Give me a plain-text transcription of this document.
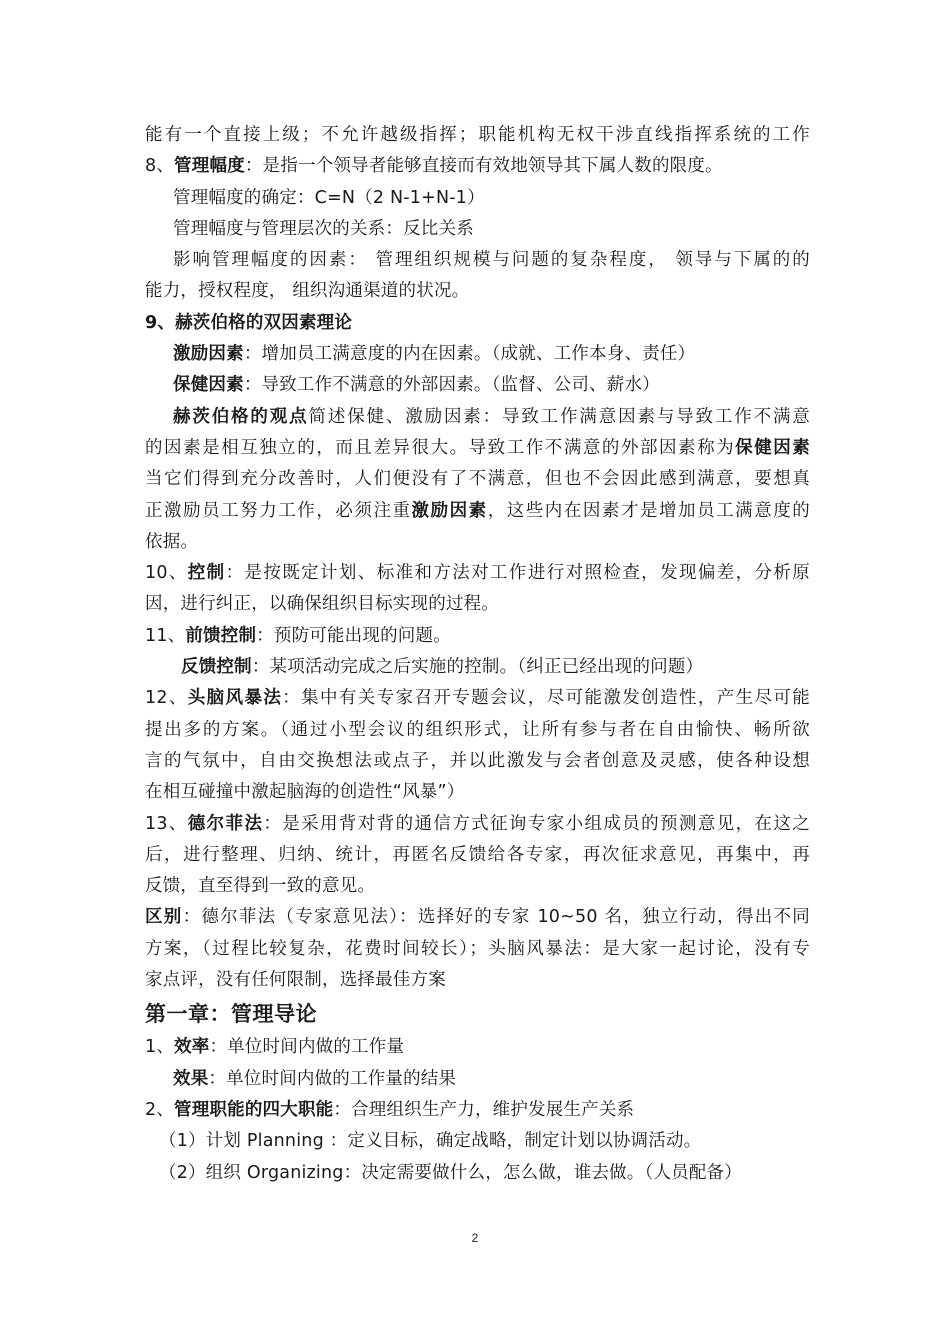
能有一个直接上级；不允许越级指挥；职能机构无权干涉直线指挥系统的工作
8、管理幅度：是指一个领导者能够直接而有效地领导其下属人数的限度。
管理幅度的确定：C=N（2 N-1+N-1）
管理幅度与管理层次的关系：反比关系
影响管理幅度的因素： 管理组织规模与问题的复杂程度， 领导与下属的的
能力，授权程度， 组织沟通渠道的状况。
9、赫茨伯格的双因素理论
激励因素：增加员工满意度的内在因素。（成就、工作本身、责任）
保健因素：导致工作不满意的外部因素。（监督、公司、薪水）
赫茨伯格的观点简述保健、激励因素：导致工作满意因素与导致工作不满意
的因素是相互独立的，而且差异很大。导致工作不满意的外部因素称为保健因素
当它们得到充分改善时，人们便没有了不满意，但也不会因此感到满意，要想真
正激励员工努力工作，必须注重激励因素，这些内在因素才是增加员工满意度的
依据。
10、控制：是按既定计划、标准和方法对工作进行对照检查，发现偏差，分析原
因，进行纠正，以确保组织目标实现的过程。
11、前馈控制：预防可能出现的问题。
反馈控制：某项活动完成之后实施的控制。（纠正已经出现的问题）
12、头脑风暴法：集中有关专家召开专题会议，尽可能激发创造性，产生尽可能
提出多的方案。（通过小型会议的组织形式，让所有参与者在自由愉快、畅所欲
言的气氛中，自由交换想法或点子，并以此激发与会者创意及灵感，使各种设想
在相互碰撞中激起脑海的创造性“风暴”）
13、德尔菲法：是采用背对背的通信方式征询专家小组成员的预测意见，在这之
后，进行整理、归纳、统计，再匿名反馈给各专家，再次征求意见，再集中，再
反馈，直至得到一致的意见。
区别：德尔菲法（专家意见法）：选择好的专家 10~50 名，独立行动，得出不同
方案，（过程比较复杂，花费时间较长）；头脑风暴法：是大家一起讨论，没有专
家点评，没有任何限制，选择最佳方案
第一章：管理导论
1、效率：单位时间内做的工作量
效果：单位时间内做的工作量的结果
2、管理职能的四大职能：合理组织生产力，维护发展生产关系
（1）计划 Planning ：定义目标，确定战略，制定计划以协调活动。
（2）组织 Organizing：决定需要做什么，怎么做，谁去做。（人员配备）
2
